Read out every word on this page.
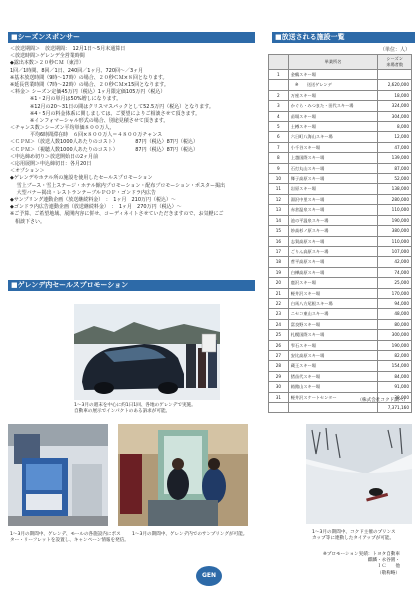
■シーズンスポンサー
＜放送期間＞　放送期間：　12月1日～5月末通算日
＜放送時間＞ゲレンデ全営業時間
◆露出本数＞２０秒ＣＭ（東洋）
1回／1時間、8回／1日、240回／1ヶ月、720回〜／3ヶ月
※基本放送時間（9時〜17時）の場合、２０秒ＣＭ×８回となります。
※延長営業時間（7時〜22時）の場合、２０秒ＣＭ×15回となります。
＜料金＞ シーズン定価45万円（税込）1ヶ月限定価105万円（税込）
　　　　※1・2月の単月は50%増しになります。
　　　　※12月の20～31日の間はクリスマスパックとして52.5万円（税込）となります。
　　　　※4・5月の料金体系に関しましては、ご要望によりご相談させて頂きます。
　　　　※インフォマーシャル形式の場合、別途見積させて頂きます。
＜チャンス数＞シーズン平均単価８００万人、
　　　　平均6時間滞在時　６回×８００万人＝４８００万チャンス
＜ＣＰＭ＞（放送人数1000人あたりのコスト）　　　　87円（税込）87円（税込）
＜ＣＰＭ＞（視聴人数1000人あたりのコスト）　　　　87円（税込）87円（税込）
＜申込締め切り＞放送開始日の2ヶ月前
＜応用展開＞申込締切日：各月20日
＜オプション＞
◆ゲレンデやホテル所の施設を使用したセールスプロモーション
　 雪上ブース・雪上ステージ・ホテル館内プロモーション・配布プロモーション・ポスター掲出
　 大型バナー掲出・レストランテーブルＰＯＰ・ゴンドラ内広告
◆サンプリング連動企画（放送継続料金）　：　1ヶ月　210万円（税込）～
◆ゴンドラ内広告連動企画（放送継続料金）　：　1ヶ月　270万円（税込）～
※ご予算、ご希望地域、展開内容に併せ、コーディネイトさせていただきますので、お気軽にご
　相談下さい。
■放送される施設一覧
（単位：人）
	単業所名	シーズン
来場者数
1	金鶴スキー場	
	　※　　送送ゲレンデ	2,620,000
2	万座スキー場	18,000
3	かぐら・みつまた・田代スキー場	324,000
4	苗場スキー場	304,000
5	土樽スキー場	8,000
6	六日町八海山スキー場	12,000
7	小千谷スキー場	47,000
8	上越国際スキー場	139,000
9	石打丸山スキー場	87,000
10	舞子高原スキー場	52,000
11	岩原スキー場	138,000
12	湯沢中里スキー場	280,000
13	赤倉温泉スキー場	110,000
14	池の平温泉スキー場	190,000
15	妙高杉ノ原スキー場	380,000
16	志賀高原スキー場	110,000
17	ごりん高原スキー場	107,000
18	菅平高原スキー場	42,000
19	白樺高原スキー場	74,000
20	鹿沢スキー場	25,000
21	軽井沢スキー場	170,000
22	白馬八方尾根スキー場	94,000
23	ニセコ東山スキー場	48,000
24	富良野スキー場	80,000
25	札幌国際スキー場	300,000
26	雫石スキー場	190,000
27	安比高原スキー場	82,000
28	蔵王スキー場	154,000
29	猪苗代スキー場	84,000
30	箱館山スキー場	91,000
31	軽井沢スケートセンター	39,000
		7,371,160
（株式会社コクド調べ）
■ゲレンデ内セールスプロモーション
1〜3月の週末を中心に約1日1回、各地のゲレンデで実施。
自動車の展示でインパクトのある訴求が可能。
1〜3月の期間中、ゲレンデ、モールの各施設内にポス
ター・リーフレットを設置し、キャンペーン情報を発信。
1〜3月の期間中、ゲレンデ内でのサンプリングが可能。	1〜3月の期間中、コクド主催のプリンス
カップ等に連動したタイアップが可能。
※プロモーション実績：トヨタ自動車
麒麟・永谷園・
ＩＣ　　他
（敬称略）
GEN
